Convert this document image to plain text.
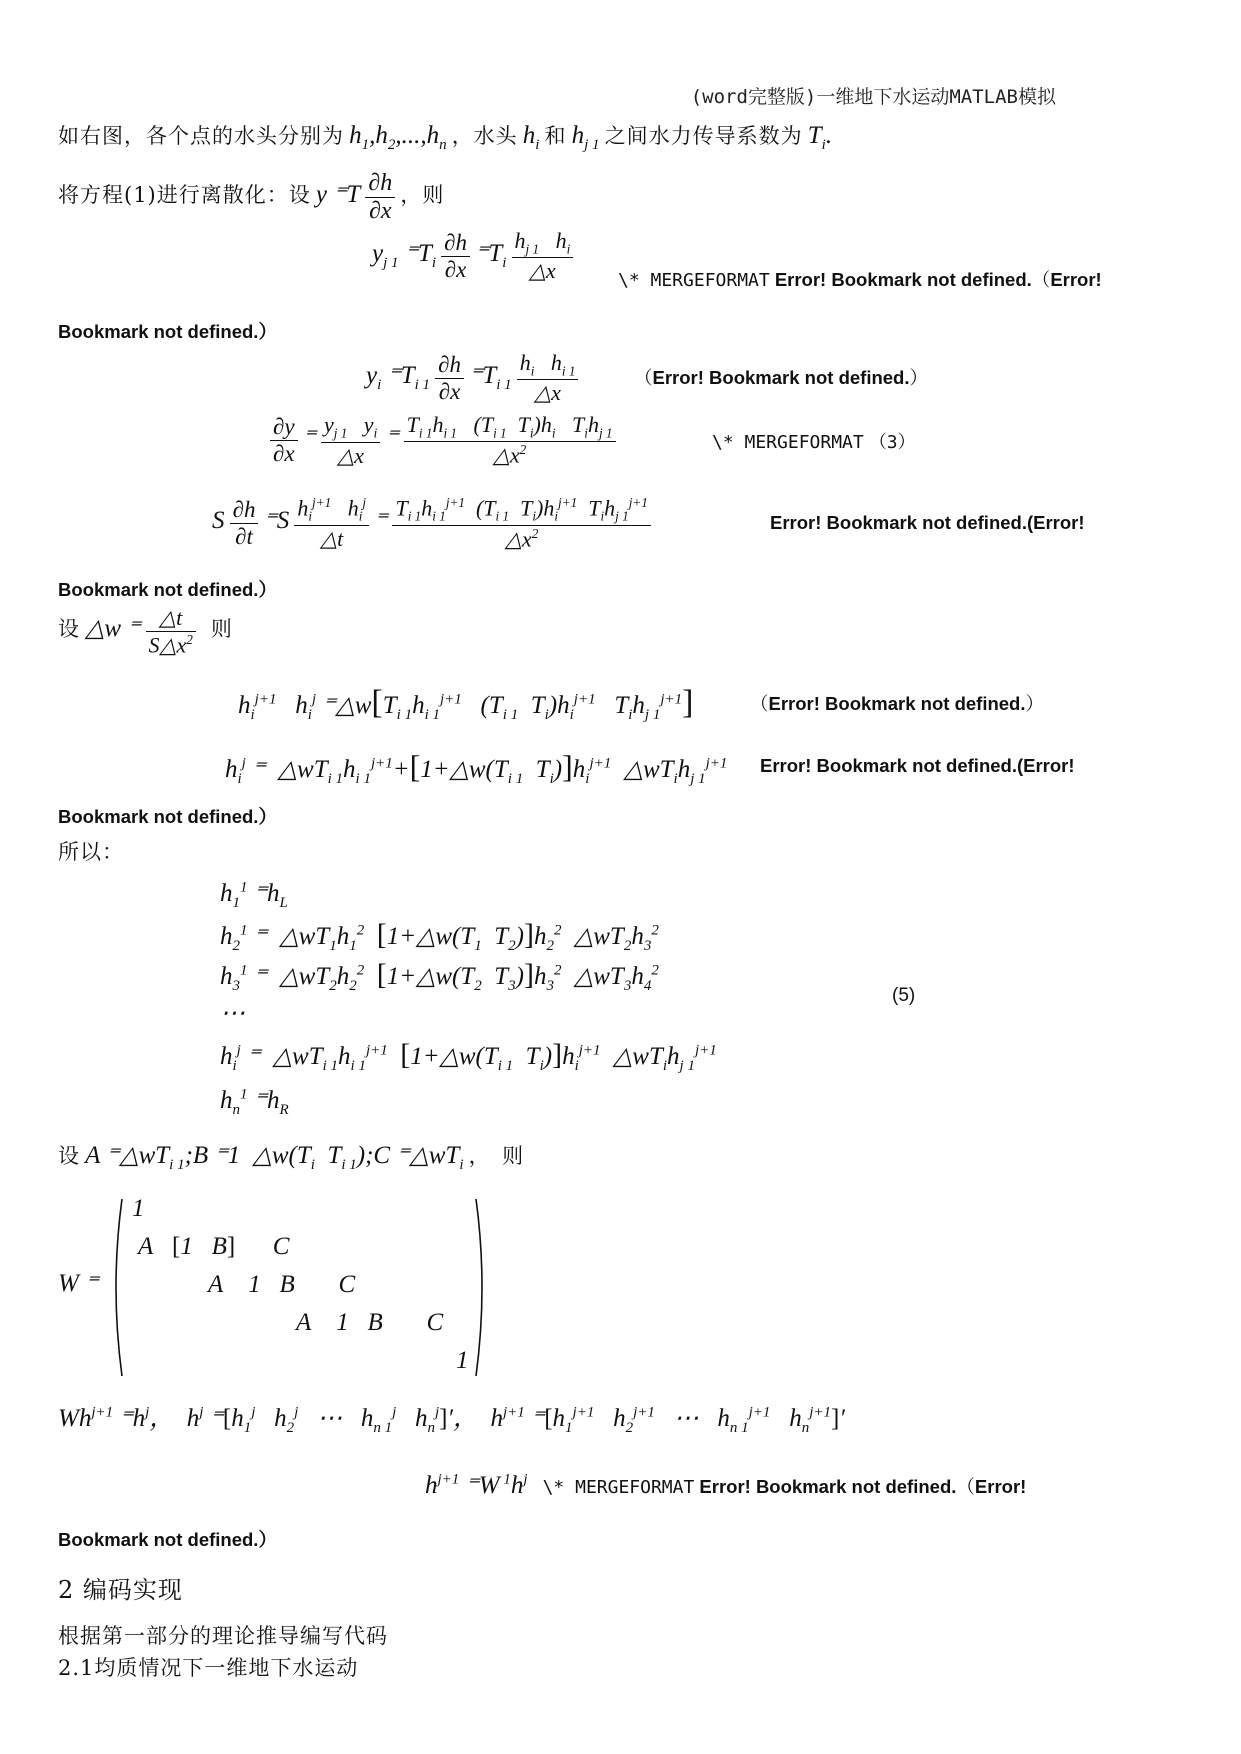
(word完整版)一维地下水运动MATLAB模拟
如右图，各个点的水头分别为 $h_1,h_2,...,h_n$ ，水头 $h_i$ 和 $h_{j 1}$ 之间水力传导系数为 $T_i$.
将方程(1)进行离散化：设 y $^=T \frac{\partial h}{\partial x}$ ，则
$y_{j 1}$ $^=T_i \frac{\partial h}{\partial x} ^=T_i \frac{h_{j 1} h_i}{\triangle x}$ \* MERGEFORMAT Error! Bookmark not defined.（Error!
Bookmark not defined.）
$y_i$ $^=T_{i 1} \frac{\partial h}{\partial x} ^=T_{i 1} \frac{h_i h_{i 1}}{\triangle x}$	（Error! Bookmark not defined.）
$\frac{\partial y}{\partial x}$ ⁼ $\frac{y_{j 1} y_i}{\triangle x}$ ⁼ $\frac{T_{i 1}h_{i 1} (T_{i 1} T_i)h_i T_ih_{j 1}}{\triangle x^2}$	\* MERGEFORMAT （3）
S $\frac{\partial h}{\partial t} ^=S \frac{h_i^{j+1} h_i^j}{\triangle t}$ ⁼ $\frac{T_{i 1}h_{i 1}^{j+1} (T_{i 1} T_i)h_i^{j+1} T_ih_{j 1}^{j+1}}{\triangle x^2}$	Error! Bookmark not defined.(Error!
Bookmark not defined.）
设 △w ⁼ $\frac{\triangle t}{S\triangle x^2}$ 则
$h_i^{j+1}$   $h_i^j$ $^=\triangle w[T_{i 1}h_{i 1}^{j+1}$   ($T_{i 1}$  $T_i)h_i^{j+1}$   $T_ih_{j 1}^{j+1}$]	（Error! Bookmark not defined.）
$h_i^j$ ⁼  $\triangle wT_{i 1}h_{i 1}^{j+1}+[1+\triangle w(T_{i 1}$  $T_i)]h_i^{j+1}$  $\triangle wT_ih_{j 1}^{j+1}$ Error! Bookmark not defined.(Error!
Bookmark not defined.）
所以：
$h_1^1$ $^=h_L$
$h_2^1$ ⁼  $\triangle wT_1h_1^2$ [$1+\triangle w(T_1$  $T_2)]h_2^2$  $\triangle wT_2h_3^2$
$h_3^1$ ⁼  $\triangle wT_2h_2^2$ [$1+\triangle w(T_2$  $T_3)]h_3^2$  $\triangle wT_3h_4^2$
⋯
$h_i^j$ ⁼  $\triangle wT_{i 1}h_{i 1}^{j+1}$ [$1+\triangle w(T_{i 1}$  $T_i)]h_i^{j+1}$  $\triangle wT_ih_{j 1}^{j+1}$
$h_n^1$ $^=h_R$
(5)
设 A $^=\triangle wT_{i 1};B$ ⁼1  $\triangle w(T_i$  $T_{i 1});C$ $^=\triangle wT_i$ ，　则
W ⁼
1
A   [1   B]      C
A    1   B       C
A    1   B       C
1
$Wh^{j+1}$ $^=h^j$，  $h^j$ $^=[h_1^j$   $h_2^j$   ⋯   $h_{n 1}^j$   $h_n^j]'$，  $h^{j+1}$ $^=[h_1^{j+1}$   $h_2^{j+1}$   ⋯   $h_{n 1}^{j+1}$   $h_n^{j+1}]'$
$h^{j+1}$ ⁼W $^1h^j$ \* MERGEFORMAT Error! Bookmark not defined.（Error!
Bookmark not defined.）
2 编码实现
根据第一部分的理论推导编写代码
2.1均质情况下一维地下水运动
